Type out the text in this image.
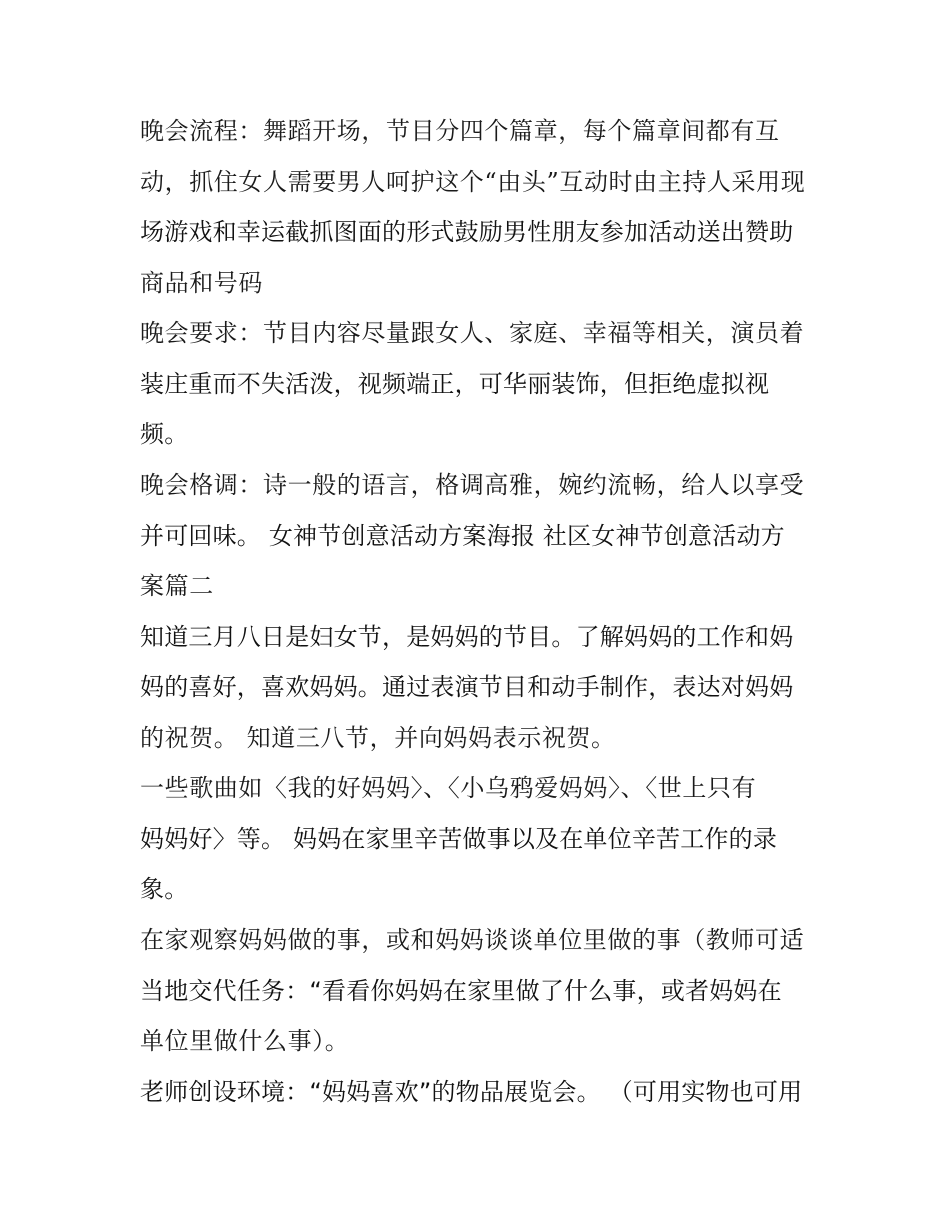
晚会流程：舞蹈开场，节目分四个篇章，每个篇章间都有互
动，抓住女人需要男人呵护这个“由头”互动时由主持人采用现
场游戏和幸运截抓图面的形式鼓励男性朋友参加活动送出赞助
商品和号码
晚会要求：节目内容尽量跟女人、家庭、幸福等相关，演员着
装庄重而不失活泼，视频端正，可华丽装饰，但拒绝虚拟视
频。
晚会格调：诗一般的语言，格调高雅，婉约流畅，给人以享受
并可回味。 女神节创意活动方案海报 社区女神节创意活动方
案篇二
知道三月八日是妇女节，是妈妈的节目。了解妈妈的工作和妈
妈的喜好，喜欢妈妈。通过表演节目和动手制作，表达对妈妈
的祝贺。 知道三八节，并向妈妈表示祝贺。
一些歌曲如〈我的好妈妈〉、〈小乌鸦爱妈妈〉、〈世上只有
妈妈好〉等。 妈妈在家里辛苦做事以及在单位辛苦工作的录
象。
在家观察妈妈做的事，或和妈妈谈谈单位里做的事（教师可适
当地交代任务：“看看你妈妈在家里做了什么事，或者妈妈在
单位里做什么事）。
老师创设环境：“妈妈喜欢”的物品展览会。 （可用实物也可用
